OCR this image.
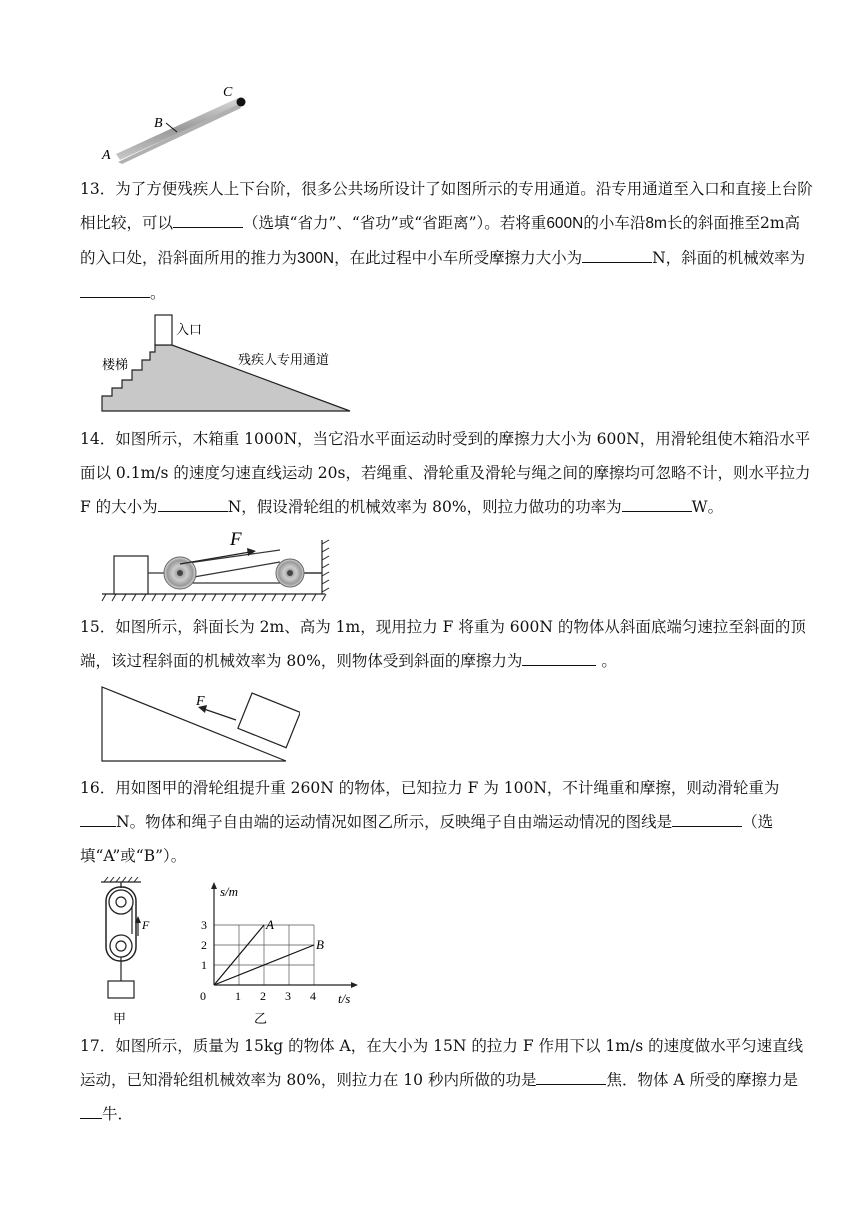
A
B
C
13．为了方便残疾人上下台阶，很多公共场所设计了如图所示的专用通道。沿专用通道至入口和直接上台阶相比较，可以	（选填“省力”、“省功”或“省距离”）。若将重600N的小车沿8m长的斜面推至2m高的入口处，沿斜面所用的推力为300N，在此过程中小车所受摩擦力大小为	N，斜面的机械效率为。
入口
楼梯	残疾人专用通道
14．如图所示，木箱重 1000N，当它沿水平面运动时受到的摩擦力大小为 600N，用滑轮组使木箱沿水平面以 0.1m/s 的速度匀速直线运动 20s，若绳重、滑轮重及滑轮与绳之间的摩擦均可忽略不计，则水平拉力 F 的大小为	N，假设滑轮组的机械效率为 80%，则拉力做功的功率为	W。
F
15．如图所示，斜面长为 2m、高为 1m，现用拉力 F 将重为 600N 的物体从斜面底端匀速拉至斜面的顶端，该过程斜面的机械效率为 80%，则物体受到斜面的摩擦力为	。
F
16．用如图甲的滑轮组提升重 260N 的物体，已知拉力 F 为 100N，不计绳重和摩擦，则动滑轮重为N。物体和绳子自由端的运动情况如图乙所示，反映绳子自由端运动情况的图线是	（选填“A”或“B”）。
F
甲
A
B
0 1 2 3 4
1
2
3
s/m
t/s
乙
17．如图所示，质量为 15kg 的物体 A，在大小为 15N 的拉力 F 作用下以 1m/s 的速度做水平匀速直线运动，已知滑轮组机械效率为 80%，则拉力在 10 秒内所做的功是	焦．物体 A 所受的摩擦力是牛．
